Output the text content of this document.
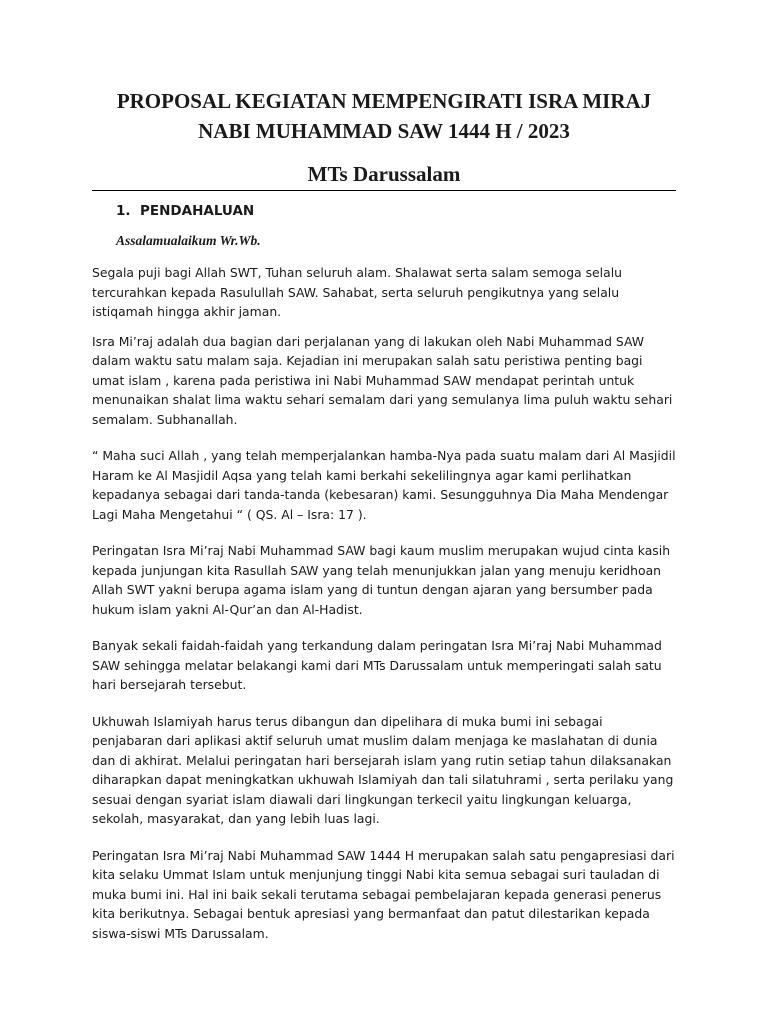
PROPOSAL KEGIATAN MEMPENGIRATI ISRA MIRAJ NABI MUHAMMAD SAW 1444 H / 2023
MTs Darussalam
1. PENDAHALUAN
Assalamualaikum Wr.Wb.

Segala puji bagi Allah SWT, Tuhan seluruh alam. Shalawat serta salam semoga selalu tercurahkan kepada Rasulullah SAW. Sahabat, serta seluruh pengikutnya yang selalu istiqamah hingga akhir jaman.

Isra Mi’raj adalah dua bagian dari perjalanan yang di lakukan oleh Nabi Muhammad SAW dalam waktu satu malam saja. Kejadian ini merupakan salah satu peristiwa penting bagi umat islam , karena pada peristiwa ini Nabi Muhammad SAW mendapat perintah untuk menunaikan shalat lima waktu sehari semalam dari yang semulanya lima puluh waktu sehari semalam. Subhanallah.

“ Maha suci Allah , yang telah memperjalankan hamba-Nya pada suatu malam dari Al Masjidil Haram ke Al Masjidil Aqsa yang telah kami berkahi sekelilingnya agar kami perlihatkan kepadanya sebagai dari tanda-tanda (kebesaran) kami. Sesungguhnya Dia Maha Mendengar Lagi Maha Mengetahui “ ( QS. Al – Isra: 17 ).

Peringatan Isra Mi’raj Nabi Muhammad SAW bagi kaum muslim merupakan wujud cinta kasih kepada junjungan kita Rasullah SAW yang telah menunjukkan jalan yang menuju keridhoan Allah SWT yakni berupa agama islam yang di tuntun dengan ajaran yang bersumber pada hukum islam yakni Al-Qur’an dan Al-Hadist.

Banyak sekali faidah-faidah yang terkandung dalam peringatan Isra Mi’raj Nabi Muhammad SAW sehingga melatar belakangi kami dari MTs Darussalam untuk memperingati salah satu hari bersejarah tersebut.

Ukhuwah Islamiyah harus terus dibangun dan dipelihara di muka bumi ini sebagai penjabaran dari aplikasi aktif seluruh umat muslim dalam menjaga ke maslahatan di dunia dan di akhirat. Melalui peringatan hari bersejarah islam yang rutin setiap tahun dilaksanakan diharapkan dapat meningkatkan ukhuwah Islamiyah dan tali silatuhrami , serta perilaku yang sesuai dengan syariat islam diawali dari lingkungan terkecil yaitu lingkungan keluarga, sekolah, masyarakat, dan yang lebih luas lagi.

Peringatan Isra Mi’raj Nabi Muhammad SAW 1444 H merupakan salah satu pengapresiasi dari kita selaku Ummat Islam untuk menjunjung tinggi Nabi kita semua sebagai suri tauladan di muka bumi ini. Hal ini baik sekali terutama sebagai pembelajaran kepada generasi penerus kita berikutnya. Sebagai bentuk apresiasi yang bermanfaat dan patut dilestarikan kepada siswa-siswi MTs Darussalam.
